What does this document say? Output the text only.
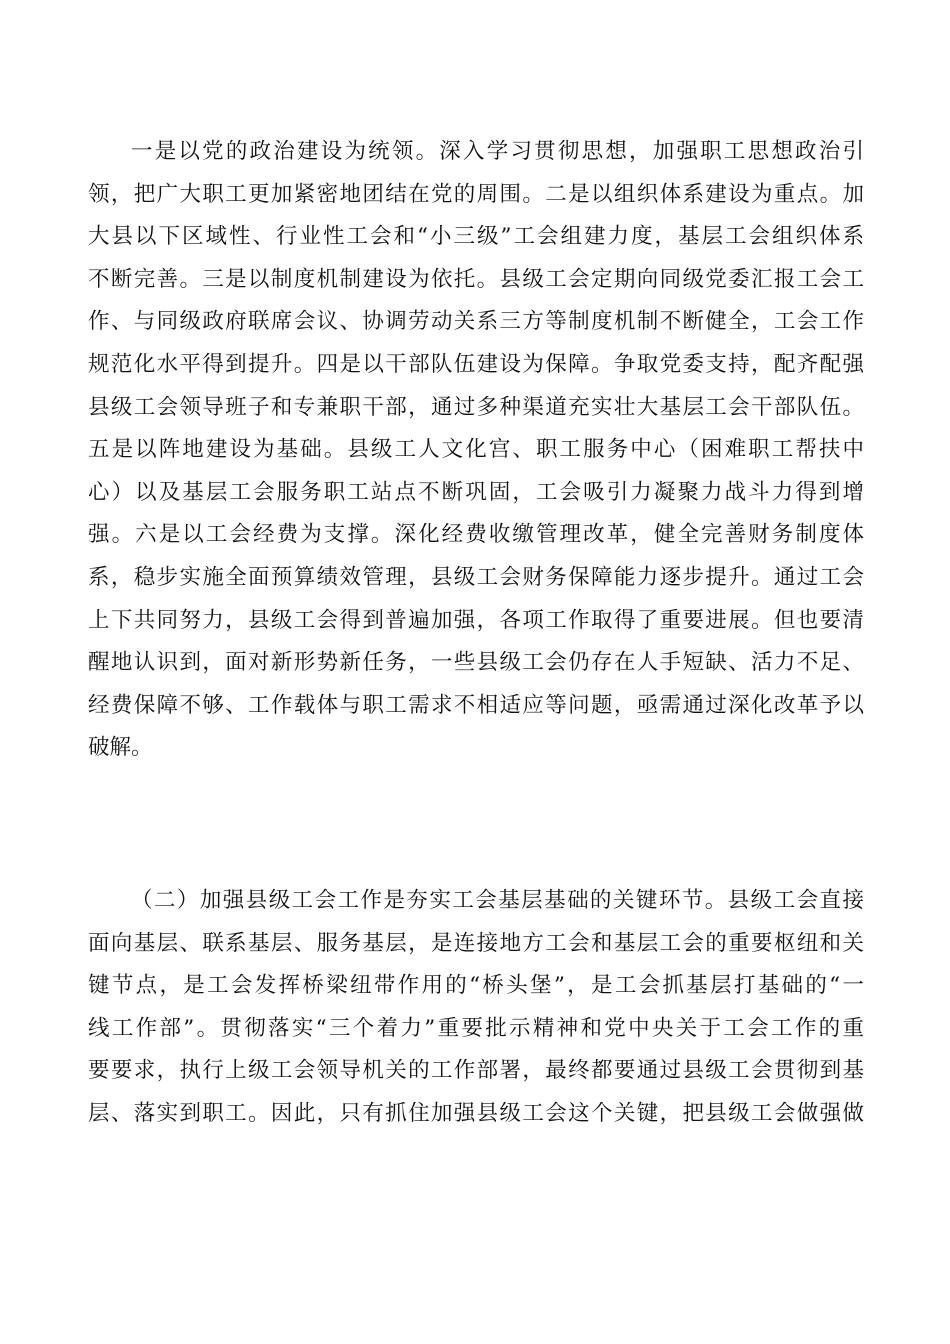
一是以党的政治建设为统领。深入学习贯彻思想，加强职工思想政治引
领，把广大职工更加紧密地团结在党的周围。二是以组织体系建设为重点。加
大县以下区域性、行业性工会和“小三级”工会组建力度，基层工会组织体系
不断完善。三是以制度机制建设为依托。县级工会定期向同级党委汇报工会工
作、与同级政府联席会议、协调劳动关系三方等制度机制不断健全，工会工作
规范化水平得到提升。四是以干部队伍建设为保障。争取党委支持，配齐配强
县级工会领导班子和专兼职干部，通过多种渠道充实壮大基层工会干部队伍。
五是以阵地建设为基础。县级工人文化宫、职工服务中心（困难职工帮扶中
心）以及基层工会服务职工站点不断巩固，工会吸引力凝聚力战斗力得到增
强。六是以工会经费为支撑。深化经费收缴管理改革，健全完善财务制度体
系，稳步实施全面预算绩效管理，县级工会财务保障能力逐步提升。通过工会
上下共同努力，县级工会得到普遍加强，各项工作取得了重要进展。但也要清
醒地认识到，面对新形势新任务，一些县级工会仍存在人手短缺、活力不足、
经费保障不够、工作载体与职工需求不相适应等问题，亟需通过深化改革予以
破解。
（二）加强县级工会工作是夯实工会基层基础的关键环节。县级工会直接
面向基层、联系基层、服务基层，是连接地方工会和基层工会的重要枢纽和关
键节点，是工会发挥桥梁纽带作用的“桥头堡”，是工会抓基层打基础的“一
线工作部”。贯彻落实“三个着力”重要批示精神和党中央关于工会工作的重
要要求，执行上级工会领导机关的工作部署，最终都要通过县级工会贯彻到基
层、落实到职工。因此，只有抓住加强县级工会这个关键，把县级工会做强做
